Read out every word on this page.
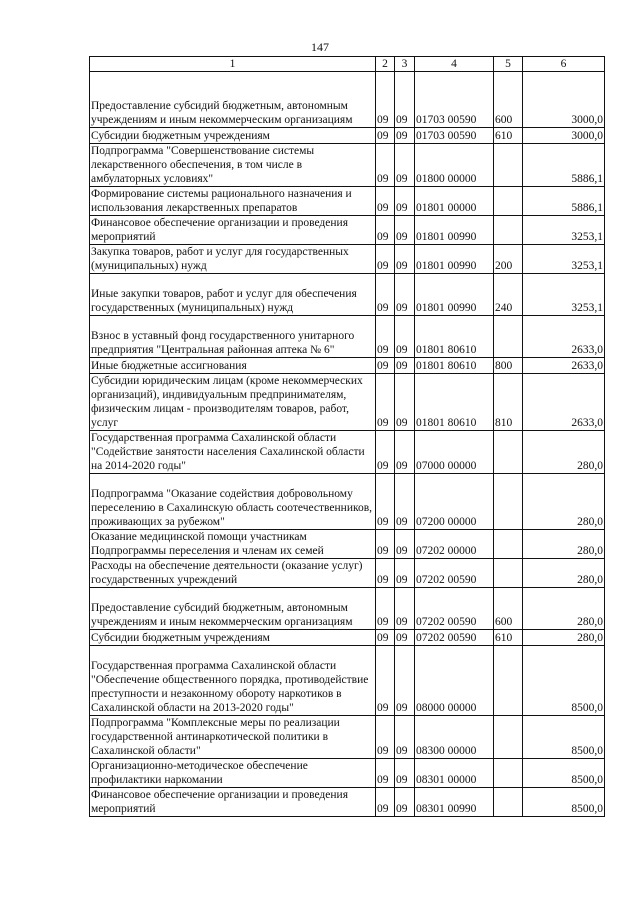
147
1	2	3	4	5	6
Предоставление субсидий бюджетным, автономным учреждениям и иным некоммерческим организациям	09	09	01703 00590	600	3000,0
Субсидии бюджетным учреждениям	09	09	01703 00590	610	3000,0
Подпрограмма "Совершенствование системы лекарственного обеспечения, в том числе в амбулаторных условиях"	09	09	01800 00000		5886,1
Формирование системы рационального назначения и использования лекарственных препаратов	09	09	01801 00000		5886,1
Финансовое обеспечение организации и проведения мероприятий	09	09	01801 00990		3253,1
Закупка товаров, работ и услуг для государственных (муниципальных) нужд	09	09	01801 00990	200	3253,1
Иные закупки товаров, работ и услуг для обеспечения государственных (муниципальных) нужд	09	09	01801 00990	240	3253,1
Взнос в уставный фонд государственного унитарного предприятия "Центральная районная аптека № 6"	09	09	01801 80610		2633,0
Иные бюджетные ассигнования	09	09	01801 80610	800	2633,0
Субсидии юридическим лицам (кроме некоммерческих организаций), индивидуальным предпринимателям, физическим лицам - производителям товаров, работ, услуг	09	09	01801 80610	810	2633,0
Государственная программа Сахалинской области "Содействие занятости населения Сахалинской области на 2014-2020 годы"	09	09	07000 00000		280,0
Подпрограмма "Оказание содействия добровольному переселению в Сахалинскую область соотечественников, проживающих за рубежом"	09	09	07200 00000		280,0
Оказание медицинской помощи участникам Подпрограммы переселения и членам их семей	09	09	07202 00000		280,0
Расходы на обеспечение деятельности (оказание услуг) государственных учреждений	09	09	07202 00590		280,0
Предоставление субсидий бюджетным, автономным учреждениям и иным некоммерческим организациям	09	09	07202 00590	600	280,0
Субсидии бюджетным учреждениям	09	09	07202 00590	610	280,0
Государственная программа Сахалинской области "Обеспечение общественного порядка, противодействие преступности и незаконному обороту наркотиков в Сахалинской области на 2013-2020 годы"	09	09	08000 00000		8500,0
Подпрограмма "Комплексные меры по реализации государственной антинаркотической политики в Сахалинской области"	09	09	08300 00000		8500,0
Организационно-методическое обеспечение профилактики наркомании	09	09	08301 00000		8500,0
Финансовое обеспечение организации и проведения мероприятий	09	09	08301 00990		8500,0
